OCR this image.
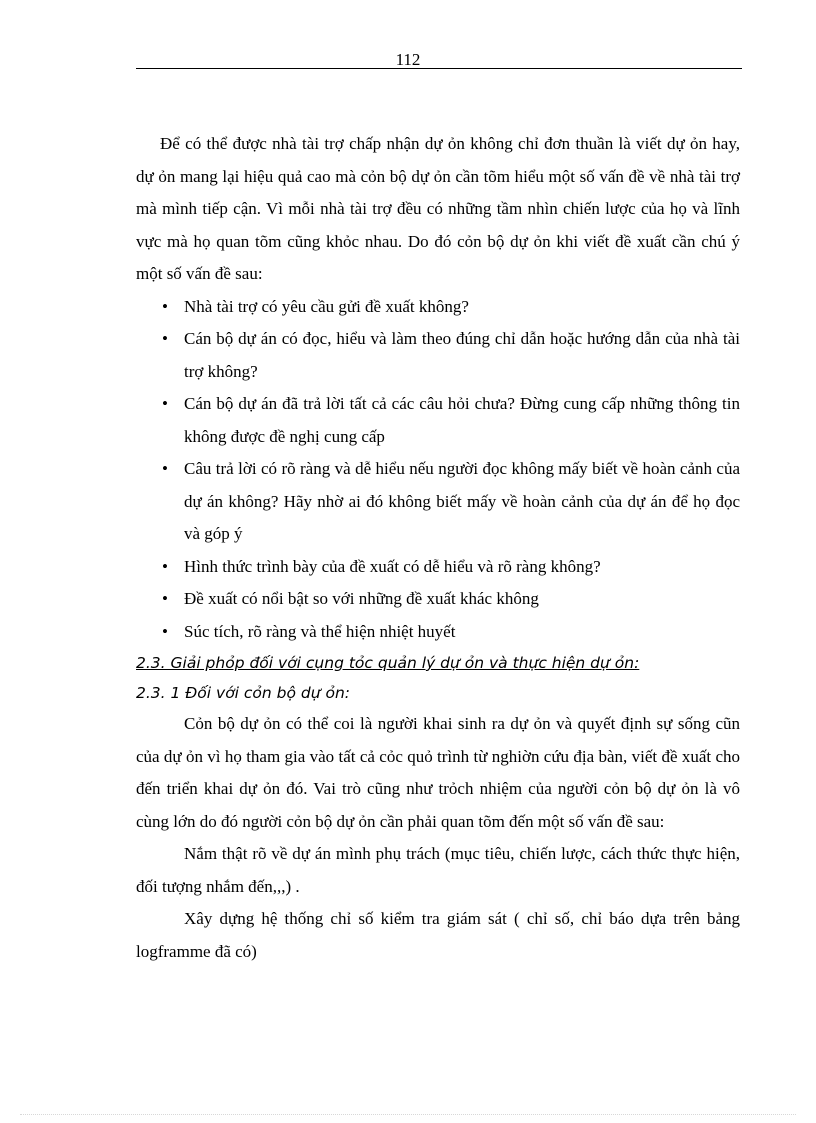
112

Để có thể được nhà tài trợ chấp nhận dự ỏn không chỉ đơn thuần là viết dự ỏn hay, dự ỏn mang lại hiệu quả cao mà cỏn bộ dự ỏn cần tõm hiểu một số vấn đề về nhà tài trợ mà mình tiếp cận. Vì mỗi nhà tài trợ đều có những tầm nhìn chiến lược của họ và lĩnh vực mà họ quan tõm cũng khỏc nhau. Do đó cỏn bộ dự ỏn khi viết đề xuất cần chú ý một số vấn đề sau:

• Nhà tài trợ có yêu cầu gửi đề xuất không?
• Cán bộ dự án có đọc, hiểu và làm theo đúng chỉ dẫn hoặc hướng dẫn của nhà tài trợ không?
• Cán bộ dự án đã trả lời tất cả các câu hỏi chưa? Đừng cung cấp những thông tin không được đề nghị cung cấp
• Câu trả lời có rõ ràng và dễ hiểu nếu người đọc không mấy biết về hoàn cảnh của dự án không? Hãy nhờ ai đó không biết mấy về hoàn cảnh của dự án để họ đọc và góp ý
• Hình thức trình bày của đề xuất có dễ hiểu và rõ ràng không?
• Đề xuất có nổi bật so với những đề xuất khác không
• Súc tích, rõ ràng và thể hiện nhiệt huyết

2.3. Giải phỏp đối với cụng tỏc quản lý dự ỏn và thực hiện dự ỏn:

2.3. 1 Đối với cỏn bộ dự ỏn:

Cỏn bộ dự ỏn có thể coi là người khai sinh ra dự ỏn và quyết định sự sống cũn của dự ỏn vì họ tham gia vào tất cả cỏc quỏ trình từ nghiờn cứu địa bàn, viết đề xuất cho đến triển khai dự ỏn đó. Vai trò cũng như trỏch nhiệm của người cỏn bộ dự ỏn là vô cùng lớn do đó người cỏn bộ dự ỏn cần phải quan tõm đến một số vấn đề sau:

Nắm thật rõ về dự án mình phụ trách (mục tiêu, chiến lược, cách thức thực hiện, đối tượng nhắm đến,,,) .

Xây dựng hệ thống chỉ số kiểm tra giám sát ( chỉ số, chỉ báo dựa trên bảng logframme đã có)
